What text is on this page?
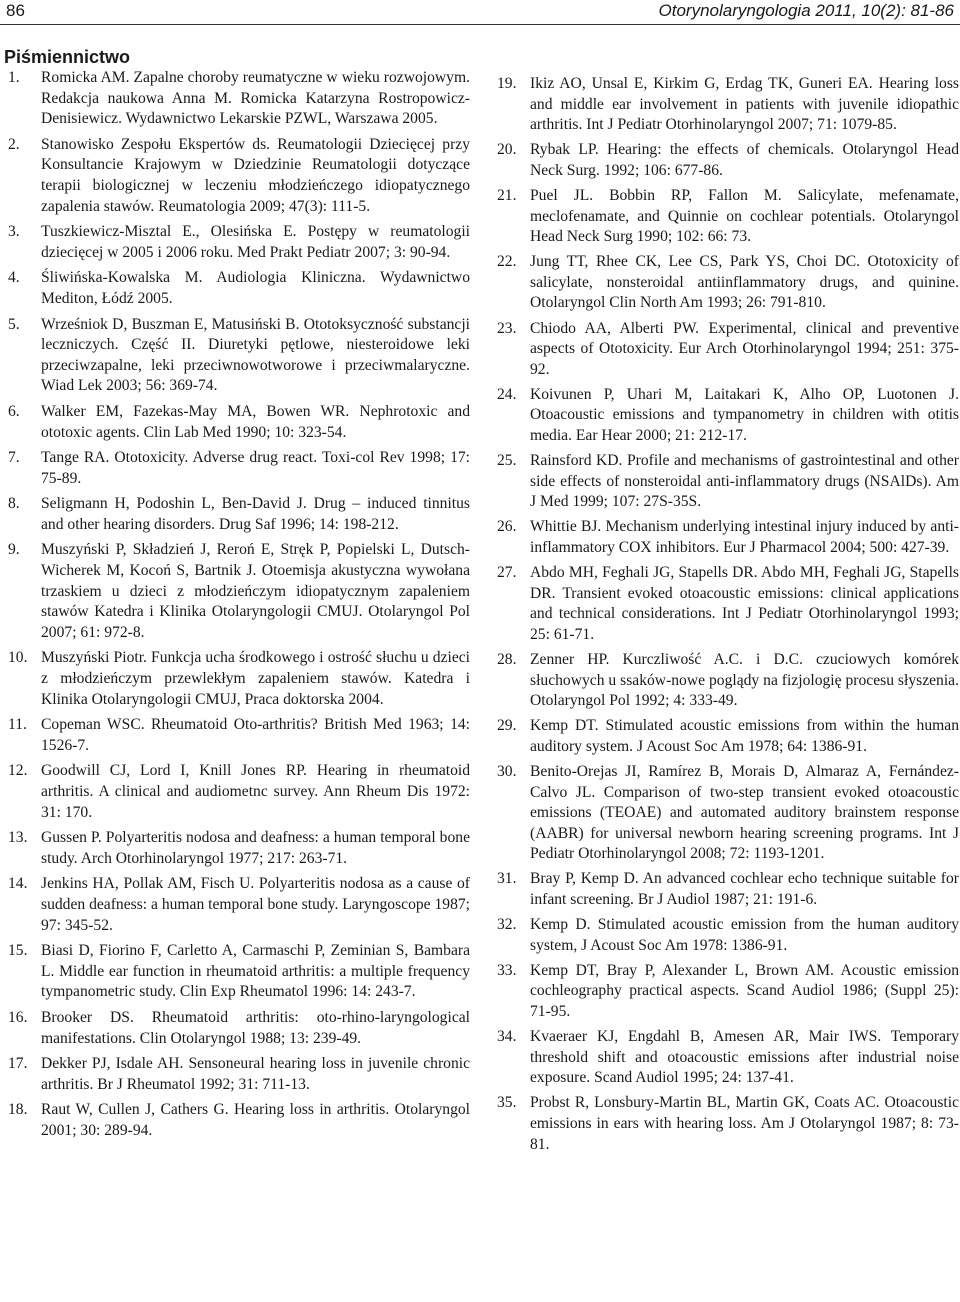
86	Otorynolaryngologia 2011, 10(2): 81-86
Piśmiennictwo
1. Romicka AM. Zapalne choroby reumatyczne w wieku rozwojowym. Redakcja naukowa Anna M. Romicka Katarzyna Rostropowicz-Denisiewicz. Wydawnictwo Lekarskie PZWL, Warszawa 2005.
2. Stanowisko Zespołu Ekspertów ds. Reumatologii Dziecięcej przy Konsultancie Krajowym w Dziedzinie Reumatologii dotyczące terapii biologicznej w leczeniu młodzieńczego idiopatycznego zapalenia stawów. Reumatologia 2009; 47(3): 111-5.
3. Tuszkiewicz-Misztal E., Olesińska E. Postępy w reumatologii dziecięcej w 2005 i 2006 roku. Med Prakt Pediatr 2007; 3: 90-94.
4. Śliwińska-Kowalska M. Audiologia Kliniczna. Wydawnictwo Mediton, Łódź 2005.
5. Wrześniok D, Buszman E, Matusiński B. Ototoksyczność substancji leczniczych. Część II. Diuretyki pętlowe, niesteroidowe leki przeciwzapalne, leki przeciwnowotworowe i przeciwmalaryczne. Wiad Lek 2003; 56: 369-74.
6. Walker EM, Fazekas-May MA, Bowen WR. Nephrotoxic and ototoxic agents. Clin Lab Med 1990; 10: 323-54.
7. Tange RA. Ototoxicity. Adverse drug react. Toxi-col Rev 1998; 17: 75-89.
8. Seligmann H, Podoshin L, Ben-David J. Drug – induced tinnitus and other hearing disorders. Drug Saf 1996; 14: 198-212.
9. Muszyński P, Składzień J, Reroń E, Stręk P, Popielski L, Dutsch-Wicherek M, Kocoń S, Bartnik J. Otoemisja akustyczna wywołana trzaskiem u dzieci z młodzieńczym idiopatycznym zapaleniem stawów Katedra i Klinika Otolaryngologii CMUJ. Otolaryngol Pol 2007; 61: 972-8.
10. Muszyński Piotr. Funkcja ucha środkowego i ostrość słuchu u dzieci z młodzieńczym przewlekłym zapaleniem stawów. Katedra i Klinika Otolaryngologii CMUJ, Praca doktorska 2004.
11. Copeman WSC. Rheumatoid Oto-arthritis? British Med 1963; 14: 1526-7.
12. Goodwill CJ, Lord I, Knill Jones RP. Hearing in rheumatoid arthritis. A clinical and audiometnc survey. Ann Rheum Dis 1972: 31: 170.
13. Gussen P. Polyarteritis nodosa and deafness: a human temporal bone study. Arch Otorhinolaryngol 1977; 217: 263-71.
14. Jenkins HA, Pollak AM, Fisch U. Polyarteritis nodosa as a cause of sudden deafness: a human temporal bone study. Laryngoscope 1987; 97: 345-52.
15. Biasi D, Fiorino F, Carletto A, Carmaschi P, Zeminian S, Bambara L. Middle ear function in rheumatoid arthritis: a multiple frequency tympanometric study. Clin Exp Rheumatol 1996: 14: 243-7.
16. Brooker DS. Rheumatoid arthritis: oto-rhino-laryngological manifestations. Clin Otolaryngol 1988; 13: 239-49.
17. Dekker PJ, Isdale AH. Sensoneural hearing loss in juvenile chronic arthritis. Br J Rheumatol 1992; 31: 711-13.
18. Raut W, Cullen J, Cathers G. Hearing loss in arthritis. Otolaryngol 2001; 30: 289-94.
19. Ikiz AO, Unsal E, Kirkim G, Erdag TK, Guneri EA. Hearing loss and middle ear involvement in patients with juvenile idiopathic arthritis. Int J Pediatr Otorhinolaryngol 2007; 71: 1079-85.
20. Rybak LP. Hearing: the effects of chemicals. Otolaryngol Head Neck Surg. 1992; 106: 677-86.
21. Puel JL. Bobbin RP, Fallon M. Salicylate, mefenamate, meclofenamate, and Quinnie on cochlear potentials. Otolaryngol Head Neck Surg 1990; 102: 66: 73.
22. Jung TT, Rhee CK, Lee CS, Park YS, Choi DC. Ototoxicity of salicylate, nonsteroidal antiinflammatory drugs, and quinine. Otolaryngol Clin North Am 1993; 26: 791-810.
23. Chiodo AA, Alberti PW. Experimental, clinical and preventive aspects of Ototoxicity. Eur Arch Otorhinolaryngol 1994; 251: 375-92.
24. Koivunen P, Uhari M, Laitakari K, Alho OP, Luotonen J. Otoacoustic emissions and tympanometry in children with otitis media. Ear Hear 2000; 21: 212-17.
25. Rainsford KD. Profile and mechanisms of gastrointestinal and other side effects of nonsteroidal anti-inflammatory drugs (NSAlDs). Am J Med 1999; 107: 27S-35S.
26. Whittie BJ. Mechanism underlying intestinal injury induced by anti-inflammatory COX inhibitors. Eur J Pharmacol 2004; 500: 427-39.
27. Abdo MH, Feghali JG, Stapells DR. Abdo MH, Feghali JG, Stapells DR. Transient evoked otoacoustic emissions: clinical applications and technical considerations. Int J Pediatr Otorhinolaryngol 1993; 25: 61-71.
28. Zenner HP. Kurczliwość A.C. i D.C. czuciowych komórek słuchowych u ssaków-nowe poglądy na fizjologię procesu słyszenia. Otolaryngol Pol 1992; 4: 333-49.
29. Kemp DT. Stimulated acoustic emissions from within the human auditory system. J Acoust Soc Am 1978; 64: 1386-91.
30. Benito-Orejas JI, Ramírez B, Morais D, Almaraz A, Fernández-Calvo JL. Comparison of two-step transient evoked otoacoustic emissions (TEOAE) and automated auditory brainstem response (AABR) for universal newborn hearing screening programs. Int J Pediatr Otorhinolaryngol 2008; 72: 1193-1201.
31. Bray P, Kemp D. An advanced cochlear echo technique suitable for infant screening. Br J Audiol 1987; 21: 191-6.
32. Kemp D. Stimulated acoustic emission from the human auditory system, J Acoust Soc Am 1978: 1386-91.
33. Kemp DT, Bray P, Alexander L, Brown AM. Acoustic emission cochleography practical aspects. Scand Audiol 1986; (Suppl 25): 71-95.
34. Kvaeraer KJ, Engdahl B, Amesen AR, Mair IWS. Temporary threshold shift and otoacoustic emissions after industrial noise exposure. Scand Audiol 1995; 24: 137-41.
35. Probst R, Lonsbury-Martin BL, Martin GK, Coats AC. Otoacoustic emissions in ears with hearing loss. Am J Otolaryngol 1987; 8: 73-81.
